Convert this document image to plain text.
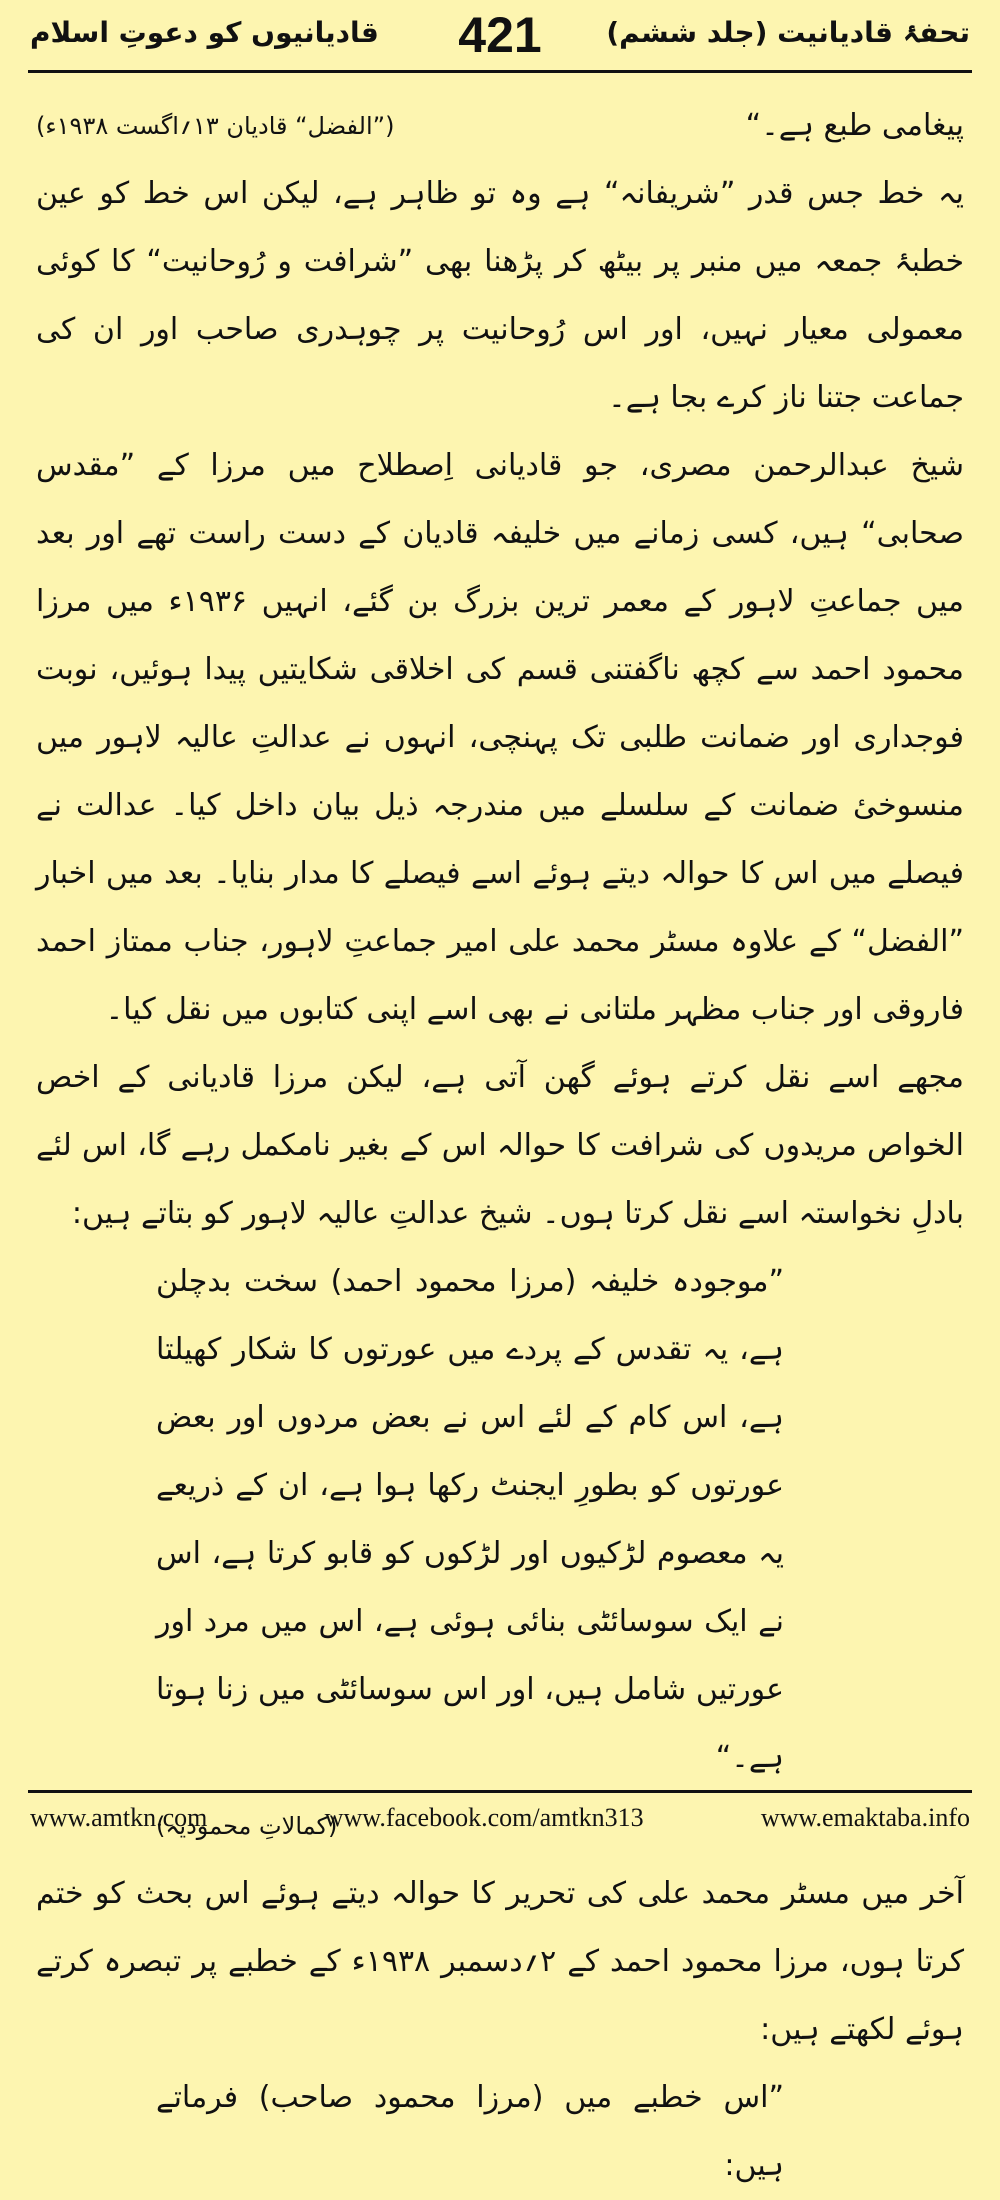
تحفۂ قادیانیت (جلد ششم)
421
قادیانیوں کو دعوتِ اسلام

پیغامی طبع ہے۔“
(”الفضل“ قادیان ۱۳؍اگست ۱۹۳۸ء)

یہ خط جس قدر ”شریفانہ“ ہے وہ تو ظاہر ہے، لیکن اس خط کو عین خطبۂ جمعہ میں منبر پر بیٹھ کر پڑھنا بھی ”شرافت و رُوحانیت“ کا کوئی معمولی معیار نہیں، اور اس رُوحانیت پر چوہدری صاحب اور ان کی جماعت جتنا ناز کرے بجا ہے۔

شیخ عبدالرحمن مصری، جو قادیانی اِصطلاح میں مرزا کے ”مقدس صحابی“ ہیں، کسی زمانے میں خلیفہ قادیان کے دست راست تھے اور بعد میں جماعتِ لاہور کے معمر ترین بزرگ بن گئے، انہیں ۱۹۳۶ء میں مرزا محمود احمد سے کچھ ناگفتنی قسم کی اخلاقی شکایتیں پیدا ہوئیں، نوبت فوجداری اور ضمانت طلبی تک پہنچی، انہوں نے عدالتِ عالیہ لاہور میں منسوخیٔ ضمانت کے سلسلے میں مندرجہ ذیل بیان داخل کیا۔ عدالت نے فیصلے میں اس کا حوالہ دیتے ہوئے اسے فیصلے کا مدار بنایا۔ بعد میں اخبار ”الفضل“ کے علاوہ مسٹر محمد علی امیر جماعتِ لاہور، جناب ممتاز احمد فاروقی اور جناب مظہر ملتانی نے بھی اسے اپنی کتابوں میں نقل کیا۔

مجھے اسے نقل کرتے ہوئے گھن آتی ہے، لیکن مرزا قادیانی کے اخص الخواص مریدوں کی شرافت کا حوالہ اس کے بغیر نامکمل رہے گا، اس لئے بادلِ نخواستہ اسے نقل کرتا ہوں۔ شیخ عدالتِ عالیہ لاہور کو بتاتے ہیں:

”موجودہ خلیفہ (مرزا محمود احمد) سخت بدچلن ہے، یہ تقدس کے پردے میں عورتوں کا شکار کھیلتا ہے، اس کام کے لئے اس نے بعض مردوں اور بعض عورتوں کو بطورِ ایجنٹ رکھا ہوا ہے، ان کے ذریعے یہ معصوم لڑکیوں اور لڑکوں کو قابو کرتا ہے، اس نے ایک سوسائٹی بنائی ہوئی ہے، اس میں مرد اور عورتیں شامل ہیں، اور اس سوسائٹی میں زنا ہوتا ہے۔“

(کمالاتِ محمودیہ)

آخر میں مسٹر محمد علی کی تحریر کا حوالہ دیتے ہوئے اس بحث کو ختم کرتا ہوں، مرزا محمود احمد کے ۲؍دسمبر ۱۹۳۸ء کے خطبے پر تبصرہ کرتے ہوئے لکھتے ہیں:

”اس خطبے میں (مرزا محمود صاحب) فرماتے ہیں:

www.amtkn.com	www.facebook.com/amtkn313	www.emaktaba.info
